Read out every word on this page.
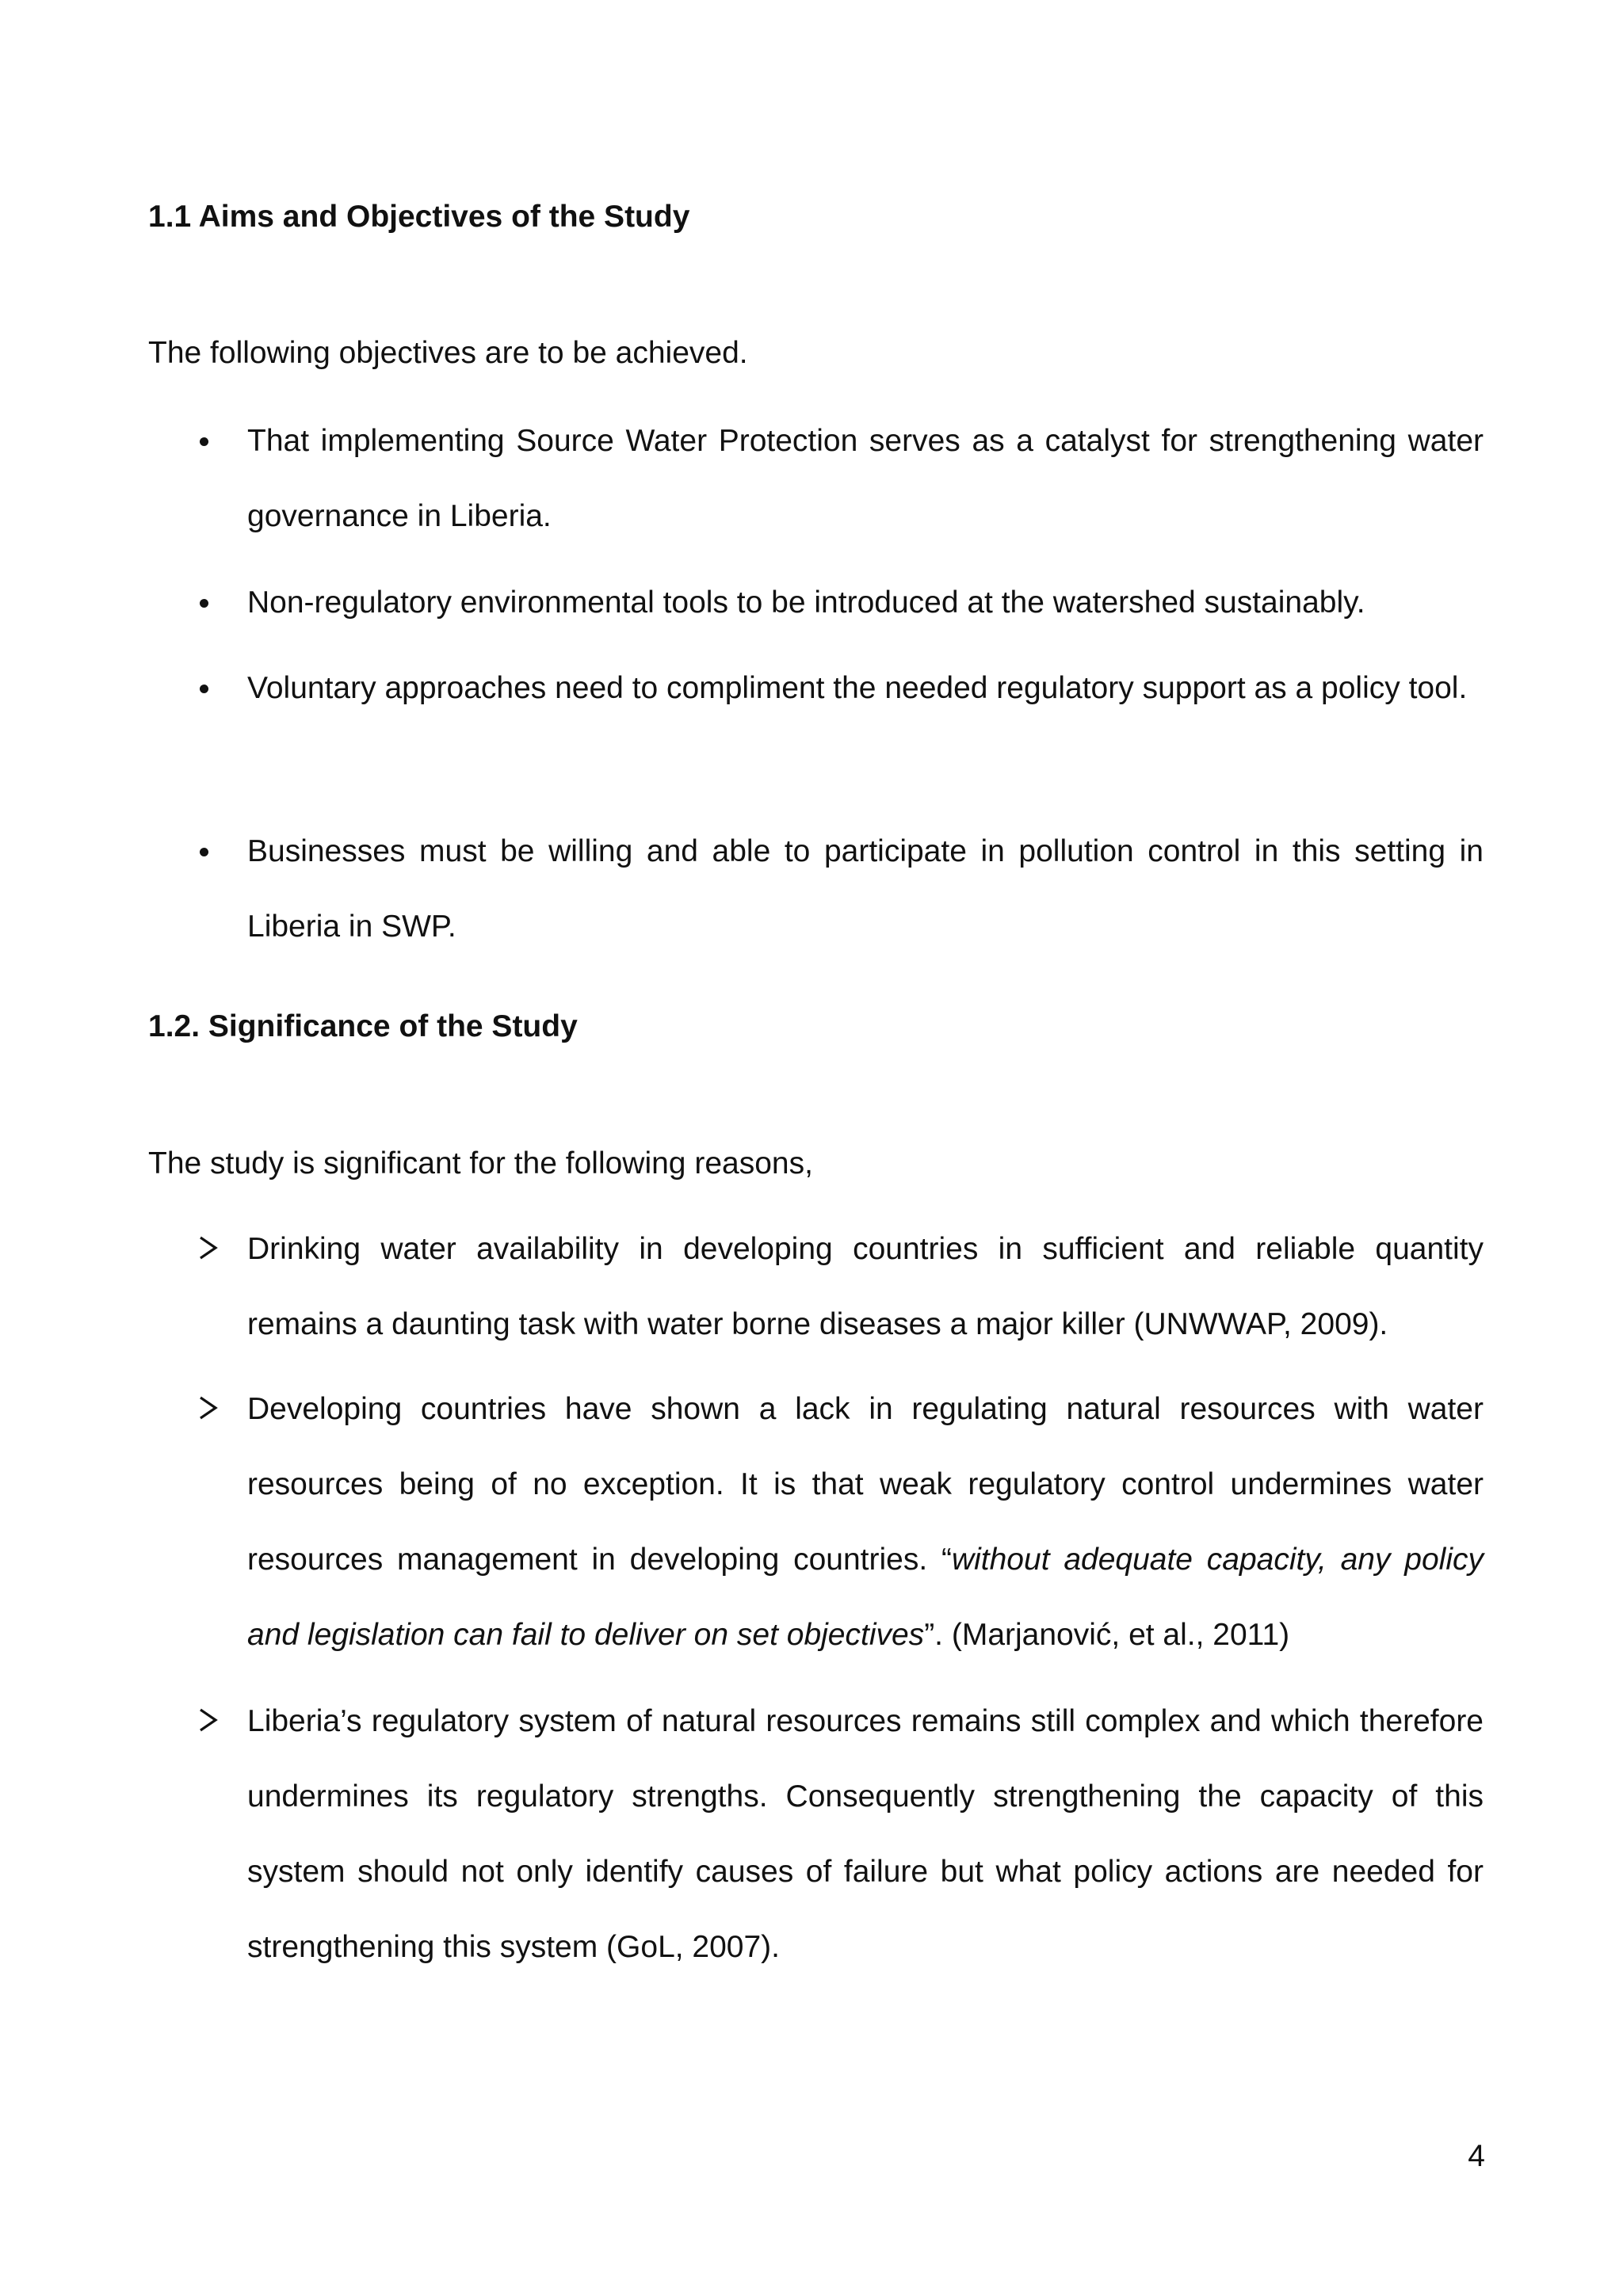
1.1 Aims and Objectives of the Study

The following objectives are to be achieved.

That implementing Source Water Protection serves as a catalyst for strengthening water governance in Liberia.
Non-regulatory environmental tools to be introduced at the watershed sustainably.
Voluntary approaches need to compliment the needed regulatory support as a policy tool.
Businesses must be willing and able to participate in pollution control in this setting in Liberia in SWP.
1.2. Significance of the Study

The study is significant for the following reasons,

Drinking water availability in developing countries in sufficient and reliable quantity remains a daunting task with water borne diseases a major killer (UNWWAP, 2009).
Developing countries have shown a lack in regulating natural resources with water resources being of no exception. It is that weak regulatory control undermines water resources management in developing countries. “without adequate capacity, any policy and legislation can fail to deliver on set objectives”. (Marjanović, et al., 2011)
Liberia’s regulatory system of natural resources remains still complex and which therefore undermines its regulatory strengths. Consequently strengthening the capacity of this system should not only identify causes of failure but what policy actions are needed for strengthening this system (GoL, 2007).
4
